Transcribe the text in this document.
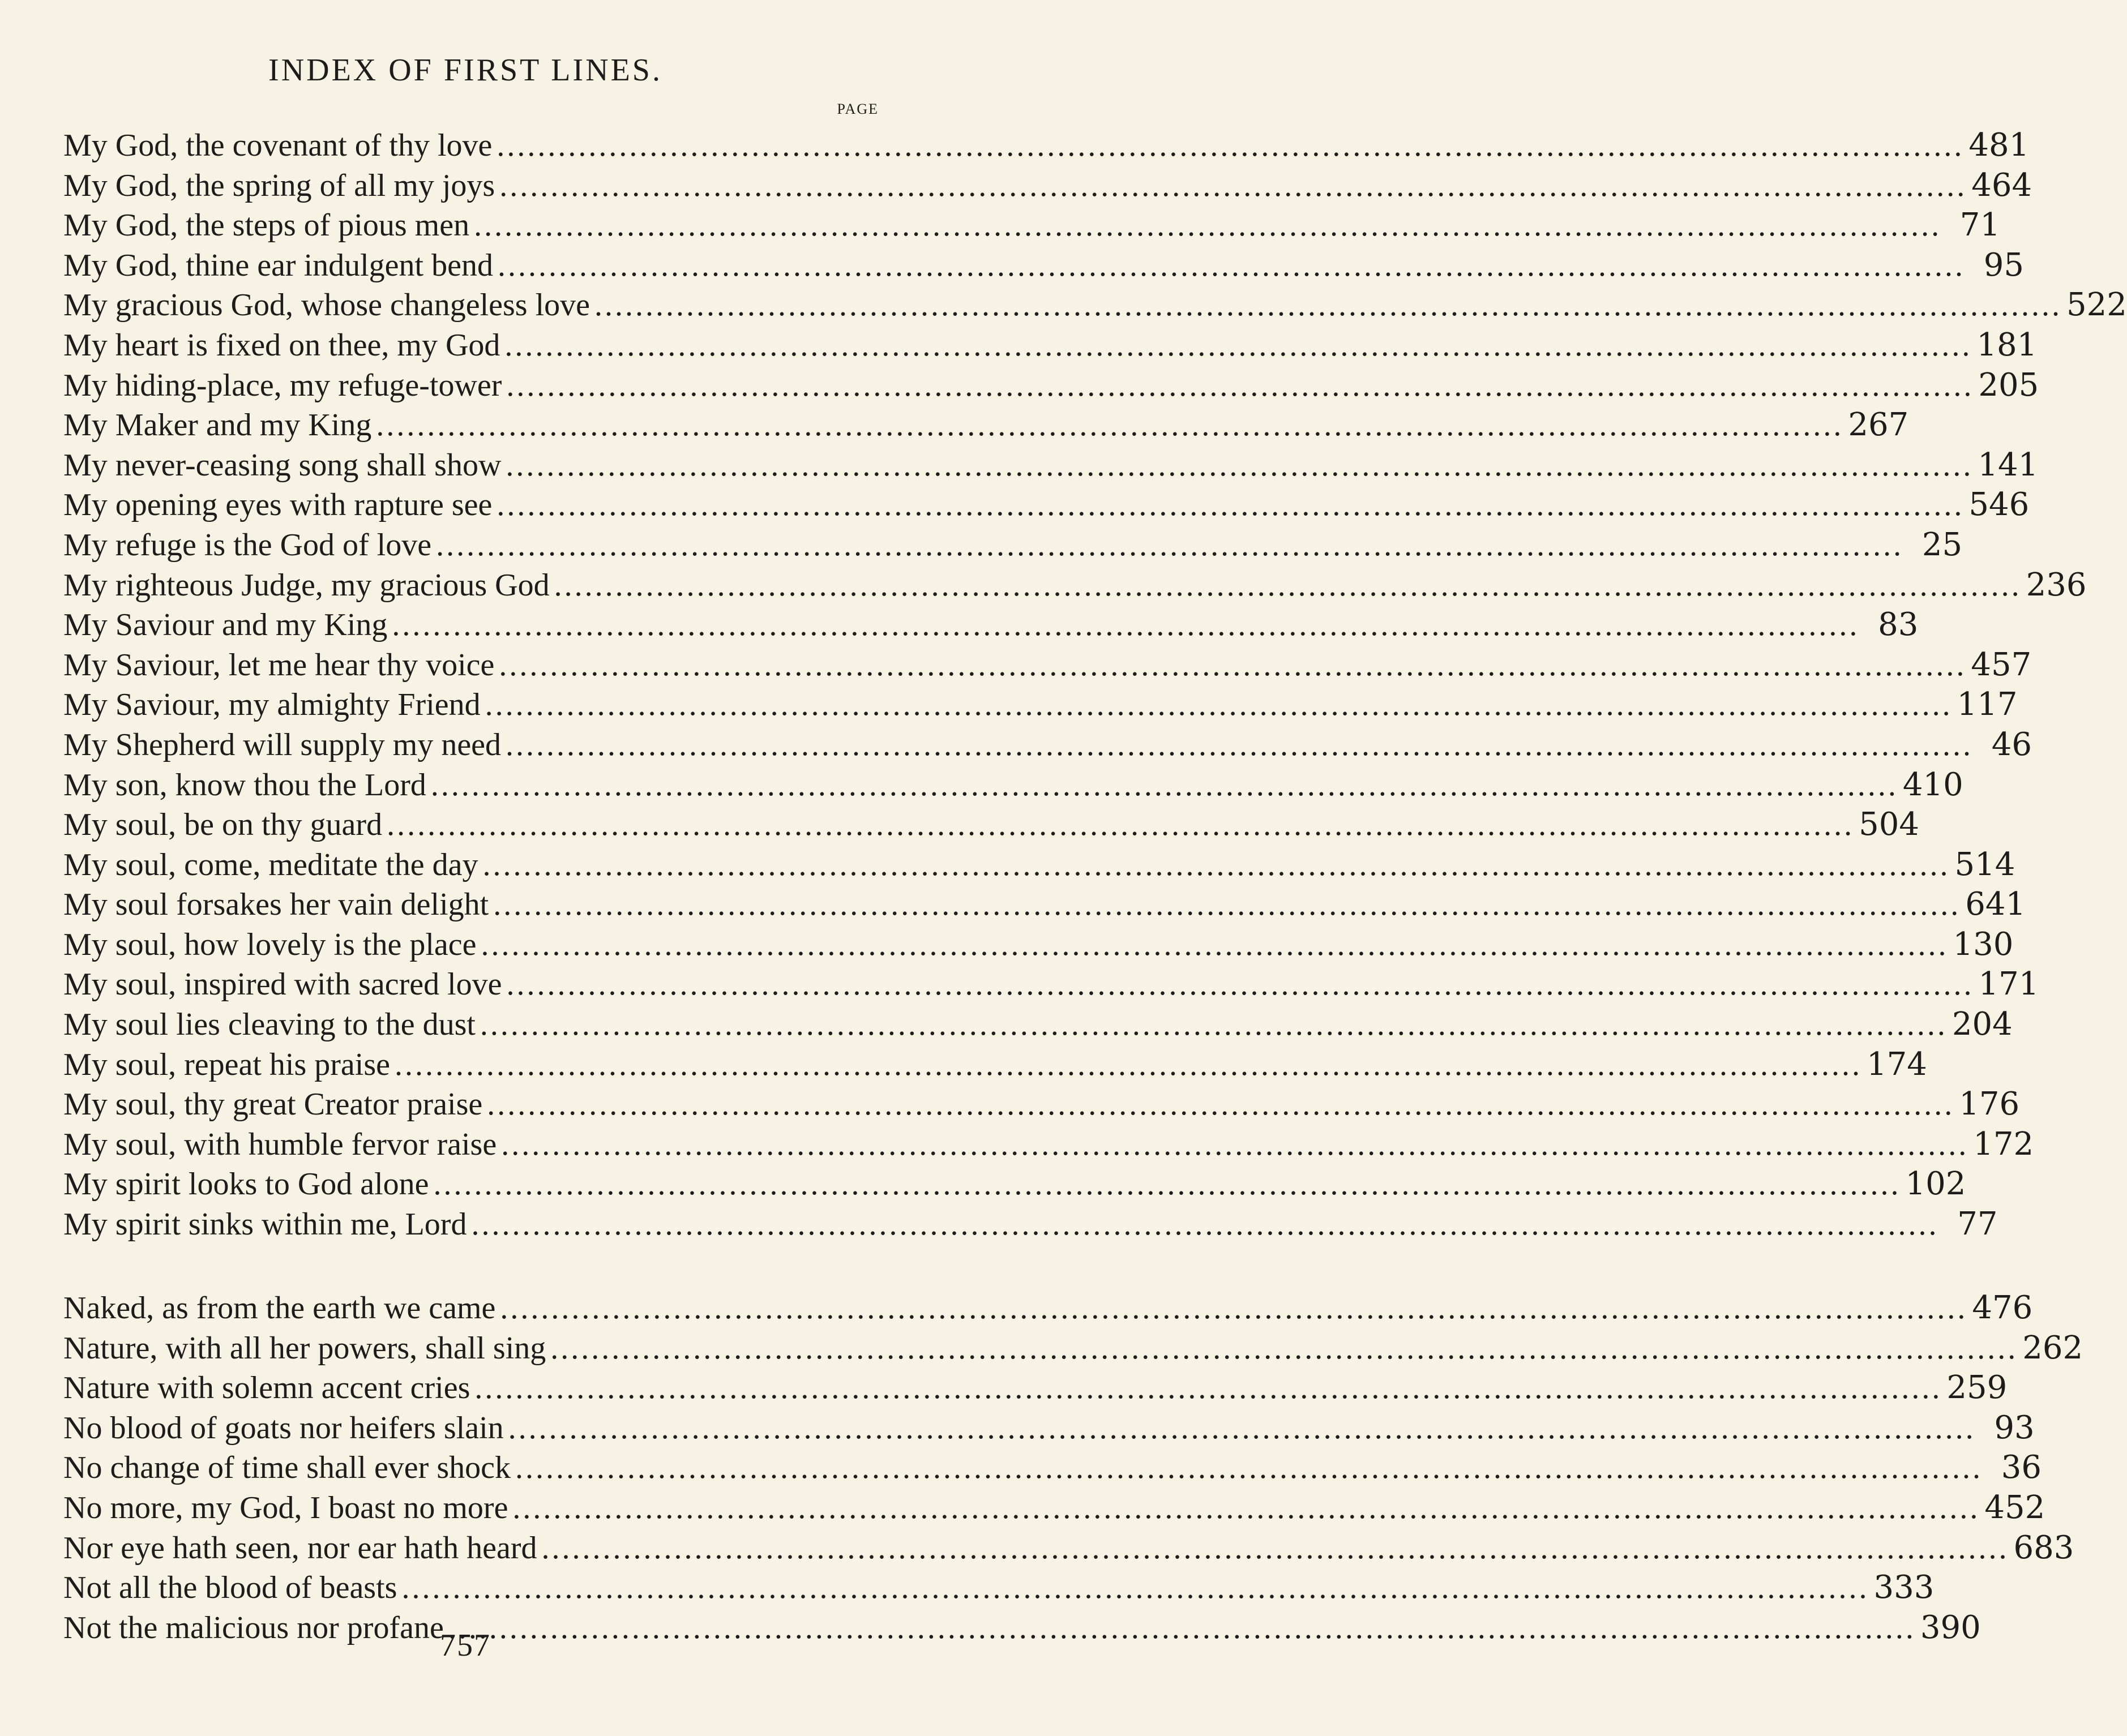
INDEX OF FIRST LINES.
PAGE
My God, the covenant of thy love .....	481
My God, the spring of all my joys .....	464
My God, the steps of pious men .....	71
My God, thine ear indulgent bend .....	95
My gracious God, whose changeless love .....	522
My heart is fixed on thee, my God .....	181
My hiding-place, my refuge-tower .....	205
My Maker and my King .....	267
My never-ceasing song shall show .....	141
My opening eyes with rapture see .....	546
My refuge is the God of love .....	25
My righteous Judge, my gracious God .....	236
My Saviour and my King .....	83
My Saviour, let me hear thy voice .....	457
My Saviour, my almighty Friend .....	117
My Shepherd will supply my need .....	46
My son, know thou the Lord .....	410
My soul, be on thy guard .....	504
My soul, come, meditate the day .....	514
My soul forsakes her vain delight .....	641
My soul, how lovely is the place .....	130
My soul, inspired with sacred love .....	171
My soul lies cleaving to the dust .....	204
My soul, repeat his praise .....	174
My soul, thy great Creator praise .....	176
My soul, with humble fervor raise .....	172
My spirit looks to God alone .....	102
My spirit sinks within me, Lord .....	77
Naked, as from the earth we came .....	476
Nature, with all her powers, shall sing .....	262
Nature with solemn accent cries .....	259
No blood of goats nor heifers slain .....	93
No change of time shall ever shock .....	36
No more, my God, I boast no more .....	452
Nor eye hath seen, nor ear hath heard .....	683
Not all the blood of beasts .....	333
Not the malicious nor profane .....	390
757
